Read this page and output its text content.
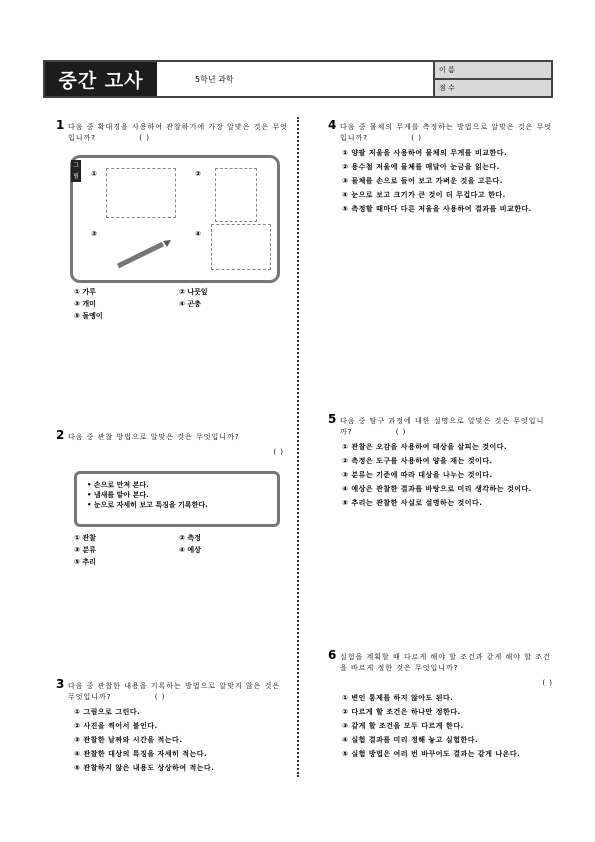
중간 고사	5학년 과학
이 름
점 수
1 다음 중 확대경을 사용하여 관찰하기에 가장 알맞은 것은 무엇입니까?	( )
그림	①	②
③	④
① 가루	② 나뭇잎
③ 개미	④ 곤충
⑤ 돌멩이
2 다음 중 관찰 방법으로 알맞은 것은 무엇입니까?
( )
• 손으로 만져 본다.
• 냄새를 맡아 본다.
• 눈으로 자세히 보고 특징을 기록한다.
① 관찰	② 측정
③ 분류	④ 예상
⑤ 추리
3 다음 중 관찰한 내용을 기록하는 방법으로 알맞지 않은 것은 무엇입니까?	( )
① 그림으로 그린다.
② 사진을 찍어서 붙인다.
③ 관찰한 날짜와 시간을 적는다.
④ 관찰한 대상의 특징을 자세히 적는다.
⑤ 관찰하지 않은 내용도 상상하여 적는다.
4 다음 중 물체의 무게를 측정하는 방법으로 알맞은 것은 무엇입니까?	( )
① 양팔 저울을 사용하여 물체의 무게를 비교한다.
② 용수철 저울에 물체를 매달아 눈금을 읽는다.
③ 물체를 손으로 들어 보고 가벼운 것을 고른다.
④ 눈으로 보고 크기가 큰 것이 더 무겁다고 한다.
⑤ 측정할 때마다 다른 저울을 사용하여 결과를 비교한다.
5 다음 중 탐구 과정에 대한 설명으로 알맞은 것은 무엇입니까?	( )
① 관찰은 오감을 사용하여 대상을 살피는 것이다.
② 측정은 도구를 사용하여 양을 재는 것이다.
③ 분류는 기준에 따라 대상을 나누는 것이다.
④ 예상은 관찰한 결과를 바탕으로 미리 생각하는 것이다.
⑤ 추리는 관찰한 사실로 설명하는 것이다.
6 실험을 계획할 때 다르게 해야 할 조건과 같게 해야 할 조건을 바르게 정한 것은 무엇입니까?
( )
① 변인 통제를 하지 않아도 된다.
② 다르게 할 조건은 하나만 정한다.
③ 같게 할 조건을 모두 다르게 한다.
④ 실험 결과를 미리 정해 놓고 실험한다.
⑤ 실험 방법은 여러 번 바꾸어도 결과는 같게 나온다.
